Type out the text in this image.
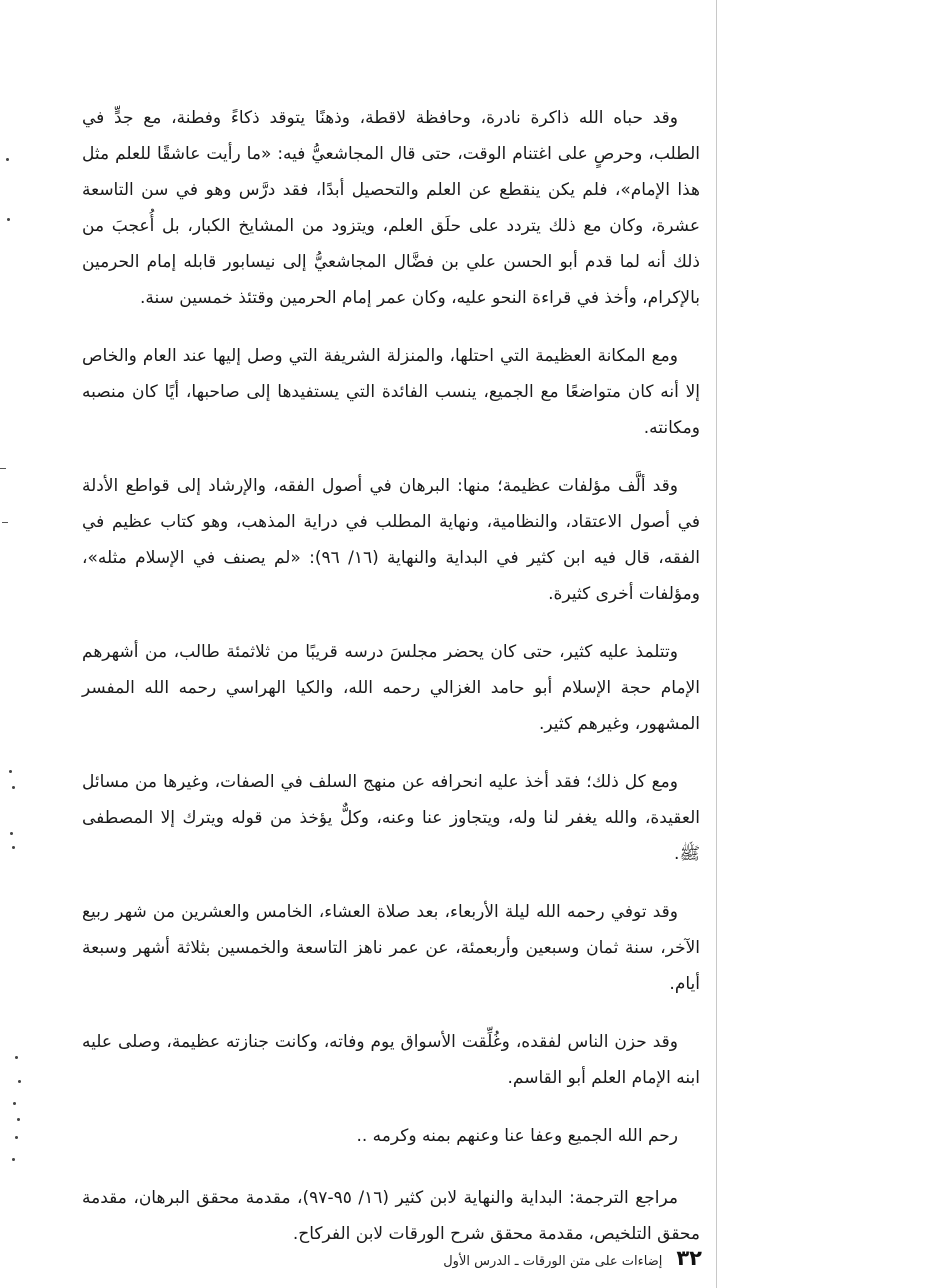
وقد حباه الله ذاكرة نادرة، وحافظة لاقطة، وذهنًا يتوقد ذكاءً وفطنة، مع جدٍّ في الطلب، وحرصٍ على اغتنام الوقت، حتى قال المجاشعيُّ فيه: «ما رأيت عاشقًا للعلم مثل هذا الإمام»، فلم يكن ينقطع عن العلم والتحصيل أبدًا، فقد درَّس وهو في سن التاسعة عشرة، وكان مع ذلك يتردد على حلَق العلم، ويتزود من المشايخ الكبار، بل أُعجبَ من ذلك أنه لما قدم أبو الحسن علي بن فضَّال المجاشعيُّ إلى نيسابور قابله إمام الحرمين بالإكرام، وأخذ في قراءة النحو عليه، وكان عمر إمام الحرمين وقتئذ خمسين سنة.

ومع المكانة العظيمة التي احتلها، والمنزلة الشريفة التي وصل إليها عند العام والخاص إلا أنه كان متواضعًا مع الجميع، ينسب الفائدة التي يستفيدها إلى صاحبها، أيًا كان منصبه ومكانته.

وقد ألَّف مؤلفات عظيمة؛ منها: البرهان في أصول الفقه، والإرشاد إلى قواطع الأدلة في أصول الاعتقاد، والنظامية، ونهاية المطلب في دراية المذهب، وهو كتاب عظيم في الفقه، قال فيه ابن كثير في البداية والنهاية (١٦/ ٩٦): «لم يصنف في الإسلام مثله»، ومؤلفات أخرى كثيرة.

وتتلمذ عليه كثير، حتى كان يحضر مجلسَ درسه قريبًا من ثلاثمئة طالب، من أشهرهم الإمام حجة الإسلام أبو حامد الغزالي رحمه الله، والكيا الهراسي رحمه الله المفسر المشهور، وغيرهم كثير.

ومع كل ذلك؛ فقد أخذ عليه انحرافه عن منهج السلف في الصفات، وغيرها من مسائل العقيدة، والله يغفر لنا وله، ويتجاوز عنا وعنه، وكلٌّ يؤخذ من قوله ويترك إلا المصطفى ﷺ.

وقد توفي رحمه الله ليلة الأربعاء، بعد صلاة العشاء، الخامس والعشرين من شهر ربيع الآخر، سنة ثمان وسبعين وأربعمئة، عن عمر ناهز التاسعة والخمسين بثلاثة أشهر وسبعة أيام.

وقد حزن الناس لفقده، وغُلِّقت الأسواق يوم وفاته، وكانت جنازته عظيمة، وصلى عليه ابنه الإمام العلم أبو القاسم.

رحم الله الجميع وعفا عنا وعنهم بمنه وكرمه ..

مراجع الترجمة: البداية والنهاية لابن كثير (١٦/ ٩٥-٩٧)، مقدمة محقق البرهان، مقدمة محقق التلخيص، مقدمة محقق شرح الورقات لابن الفركاح.

٣٢
إضاءات على متن الورقات ـ الدرس الأول
